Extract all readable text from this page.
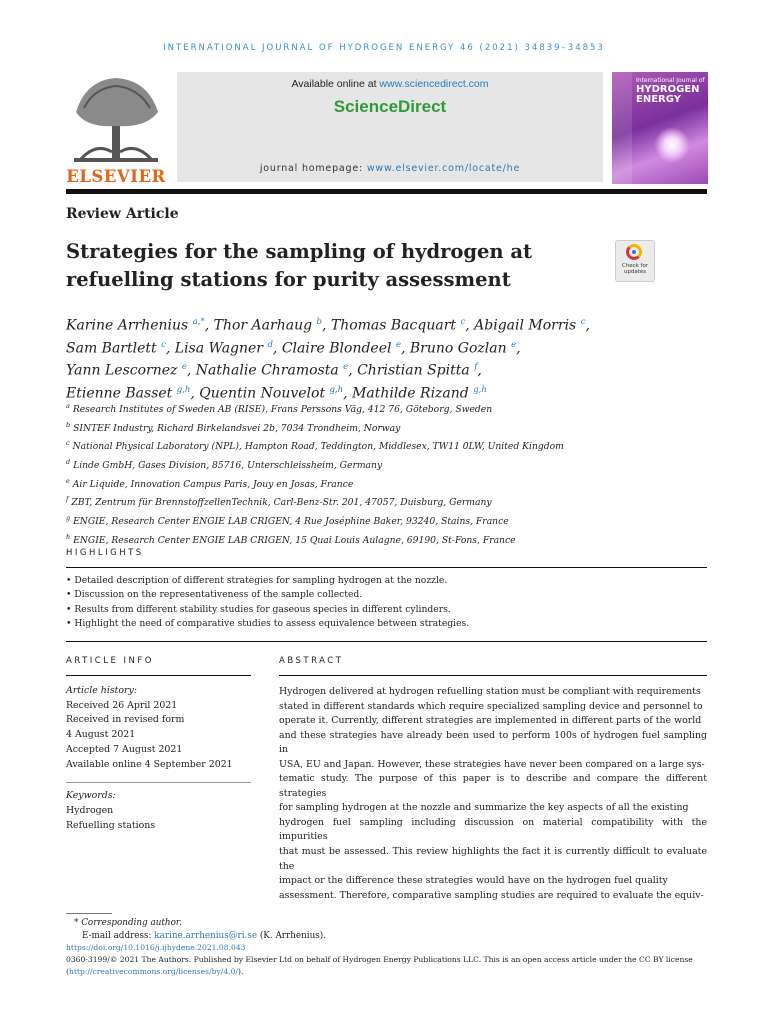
INTERNATIONAL JOURNAL OF HYDROGEN ENERGY 46 (2021) 34839–34853
ELSEVIER
Available online at www.sciencedirect.com
ScienceDirect
journal homepage: www.elsevier.com/locate/he
International Journal of
HYDROGEN
ENERGY
Review Article
Strategies for the sampling of hydrogen at
refuelling stations for purity assessment
Check for
updates
Karine Arrhenius $^{a,*}$, Thor Aarhaug $^b$, Thomas Bacquart $^c$, Abigail Morris $^c$,
Sam Bartlett $^c$, Lisa Wagner $^d$, Claire Blondeel $^e$, Bruno Gozlan $^e$,
Yann Lescornez $^e$, Nathalie Chramosta $^e$, Christian Spitta $^f$,
Etienne Basset $^{g,h}$, Quentin Nouvelot $^{g,h}$, Mathilde Rizand $^{g,h}$
$^a$ Research Institutes of Sweden AB (RISE), Frans Perssons Väg, 412 76, Göteborg, Sweden
$^b$ SINTEF Industry, Richard Birkelandsvei 2b, 7034 Trondheim, Norway
$^c$ National Physical Laboratory (NPL), Hampton Road, Teddington, Middlesex, TW11 0LW, United Kingdom
$^d$ Linde GmbH, Gases Division, 85716, Unterschleissheim, Germany
$^e$ Air Liquide, Innovation Campus Paris, Jouy en Josas, France
$^f$ ZBT, Zentrum für BrennstoffzellenTechnik, Carl-Benz-Str. 201, 47057, Duisburg, Germany
$^g$ ENGIE, Research Center ENGIE LAB CRIGEN, 4 Rue Joséphine Baker, 93240, Stains, France
$^h$ ENGIE, Research Center ENGIE LAB CRIGEN, 15 Quai Louis Aulagne, 69190, St-Fons, France
HIGHLIGHTS
• Detailed description of different strategies for sampling hydrogen at the nozzle.
• Discussion on the representativeness of the sample collected.
• Results from different stability studies for gaseous species in different cylinders.
• Highlight the need of comparative studies to assess equivalence between strategies.
ARTICLE INFO	ABSTRACT
Article history:
Received 26 April 2021
Received in revised form
4 August 2021
Accepted 7 August 2021
Available online 4 September 2021
Keywords:
Hydrogen
Refuelling stations
Hydrogen delivered at hydrogen refuelling station must be compliant with requirements
stated in different standards which require specialized sampling device and personnel to
operate it. Currently, different strategies are implemented in different parts of the world
and these strategies have already been used to perform 100s of hydrogen fuel sampling in
USA, EU and Japan. However, these strategies have never been compared on a large sys-
tematic study. The purpose of this paper is to describe and compare the different strategies
for sampling hydrogen at the nozzle and summarize the key aspects of all the existing
hydrogen fuel sampling including discussion on material compatibility with the impurities
that must be assessed. This review highlights the fact it is currently difficult to evaluate the
impact or the difference these strategies would have on the hydrogen fuel quality
assessment. Therefore, comparative sampling studies are required to evaluate the equiv-
* Corresponding author.
E-mail address: karine.arrhenius@ri.se (K. Arrhenius).
https://doi.org/10.1016/j.ijhydene.2021.08.043
0360-3199/© 2021 The Authors. Published by Elsevier Ltd on behalf of Hydrogen Energy Publications LLC. This is an open access article under the CC BY license
(http://creativecommons.org/licenses/by/4.0/).
